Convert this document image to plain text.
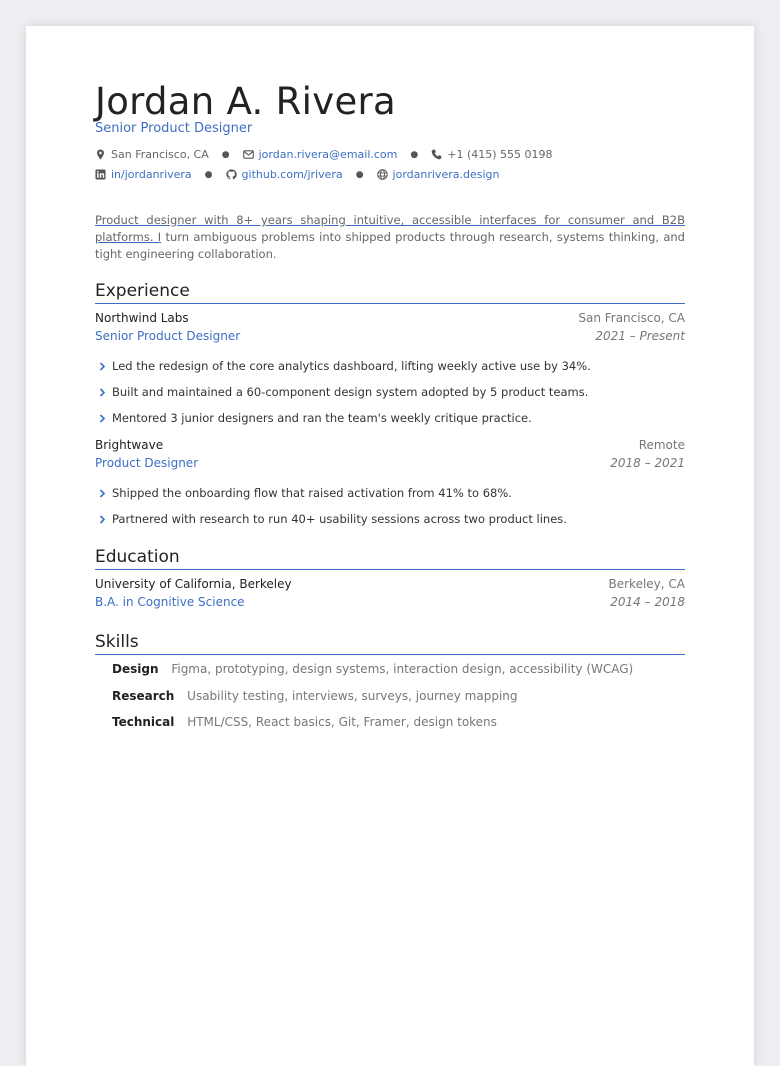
Jordan A. Rivera
Senior Product Designer
San Francisco, CA ●	jordan.rivera@email.com ●	+1 (415) 555 0198
in/jordanrivera ●	github.com/jrivera ●	jordanrivera.design
Product designer with 8+ years shaping intuitive, accessible interfaces for consumer and B2B platforms. I turn ambiguous problems into shipped products through research, systems thinking, and tight engineering collaboration.
Experience
Northwind Labs	San Francisco, CA
Senior Product Designer	2021 – Present
Led the redesign of the core analytics dashboard, lifting weekly active use by 34%.
Built and maintained a 60-component design system adopted by 5 product teams.
Mentored 3 junior designers and ran the team's weekly critique practice.
Brightwave	Remote
Product Designer	2018 – 2021
Shipped the onboarding flow that raised activation from 41% to 68%.
Partnered with research to run 40+ usability sessions across two product lines.
Education
University of California, Berkeley	Berkeley, CA
B.A. in Cognitive Science	2014 – 2018
Skills
Design Figma, prototyping, design systems, interaction design, accessibility (WCAG)
Research Usability testing, interviews, surveys, journey mapping
Technical HTML/CSS, React basics, Git, Framer, design tokens
